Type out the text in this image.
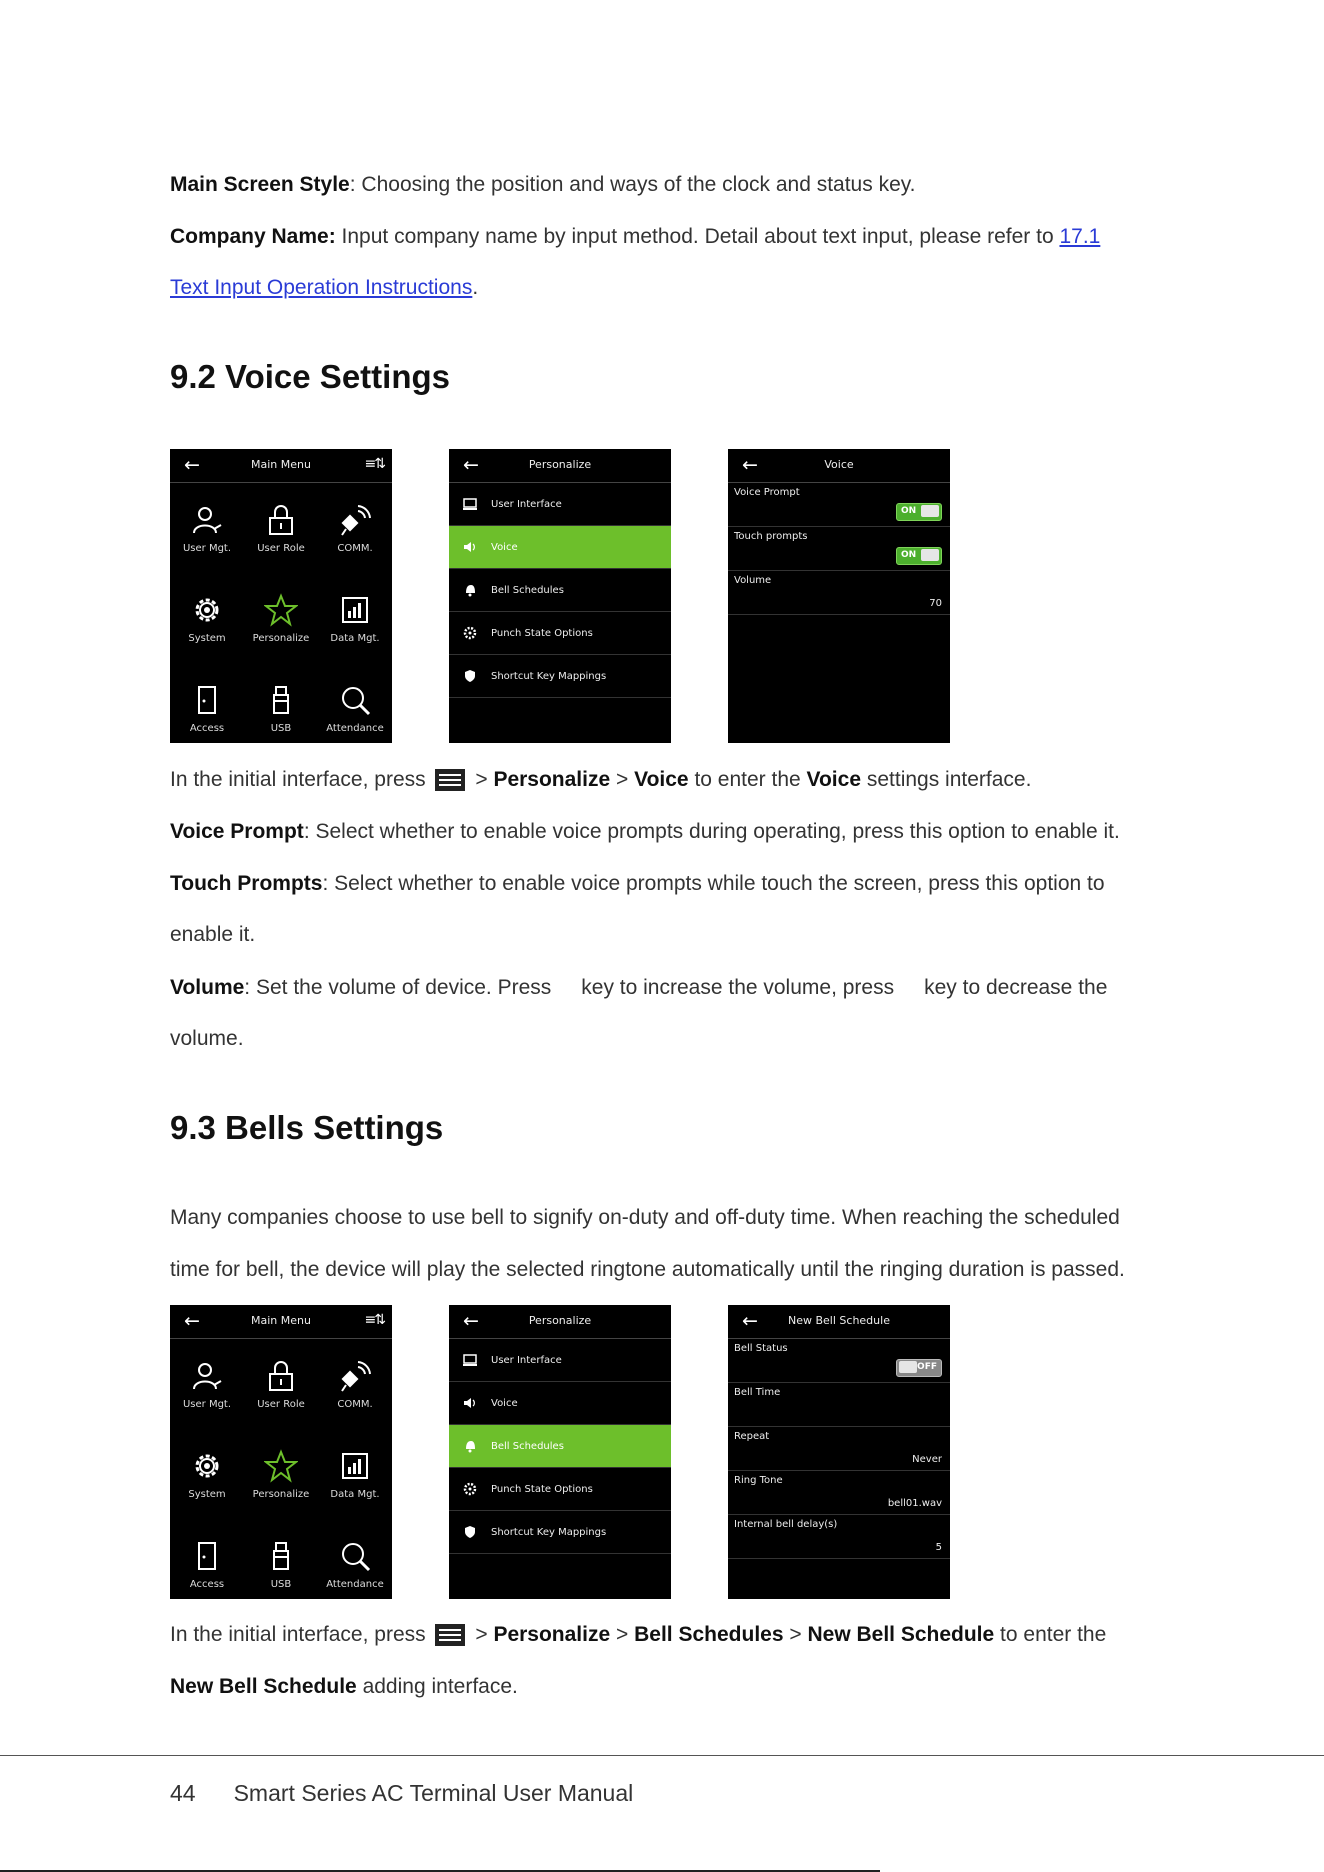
Main Screen Style: Choosing the position and ways of the clock and status key.
Company Name: Input company name by input method. Detail about text input, please refer to 17.1
Text Input Operation Instructions.
9.2 Voice Settings
←	Main Menu	≡⇅
User Mgt.	User Role	COMM.
System	Personalize	Data Mgt.
Access	USB	Attendance
←	Personalize
User Interface
Voice
Bell Schedules
Punch State Options
Shortcut Key Mappings
←	Voice
Voice Prompt
ON
Touch prompts
ON
Volume
70
In the initial interface, press > Personalize > Voice to enter the Voice settings interface.
Voice Prompt: Select whether to enable voice prompts during operating, press this option to enable it.
Touch Prompts: Select whether to enable voice prompts while touch the screen, press this option to
enable it.
Volume: Set the volume of device. Press key to increase the volume, press key to decrease the
volume.
9.3 Bells Settings
Many companies choose to use bell to signify on-duty and off-duty time. When reaching the scheduled
time for bell, the device will play the selected ringtone automatically until the ringing duration is passed.
←	Main Menu	≡⇅
User Mgt.	User Role	COMM.
System	Personalize	Data Mgt.
Access	USB	Attendance
←	Personalize
User Interface
Voice
Bell Schedules
Punch State Options
Shortcut Key Mappings
←	New Bell Schedule
Bell Status
OFF
Bell Time
Repeat
Never
Ring Tone
bell01.wav
Internal bell delay(s)
5
In the initial interface, press > Personalize > Bell Schedules > New Bell Schedule to enter the
New Bell Schedule adding interface.
44 Smart Series AC Terminal User Manual
